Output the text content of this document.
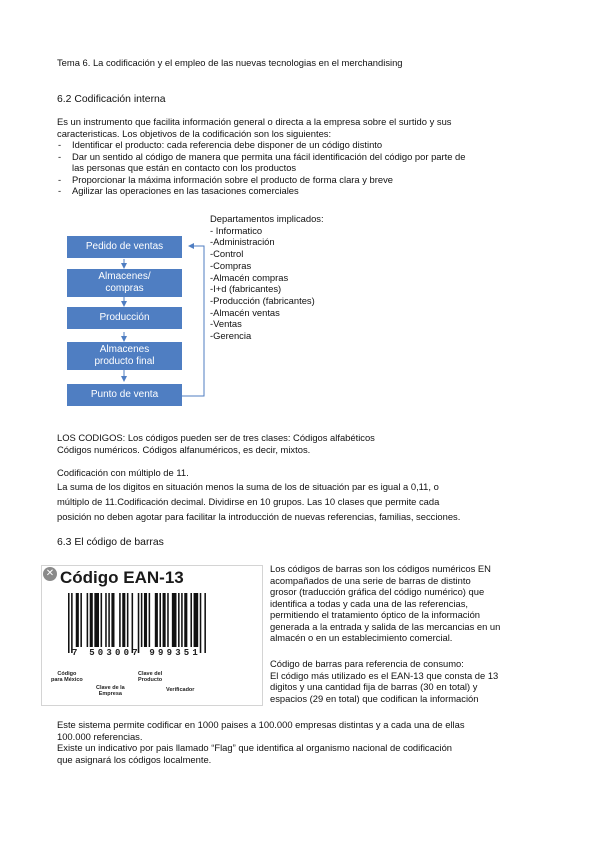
Tema 6. La codificación y el empleo de las nuevas tecnologias en el merchandising
6.2 Codificación interna
Es un instrumento que facilita información general o directa a la empresa sobre el surtido y sus
caracteristicas. Los objetivos de la codificación son los siguientes:
- Identificar el producto: cada referencia debe disponer de un código distinto
- Dar un sentido al código de manera que permita una fácil identificación del código por parte de
las personas que están en contacto con los productos
- Proporcionar la máxima información sobre el producto de forma clara y breve
- Agilizar las operaciones en las tasaciones comerciales
Pedido de ventas
Almacenes/
compras
Producción
Almacenes
producto final
Punto de venta
Departamentos implicados:
- Informatico
-Administración
-Control
-Compras
-Almacén compras
-I+d (fabricantes)
-Producción (fabricantes)
-Almacén ventas
-Ventas
-Gerencia
LOS CODIGOS: Los códigos pueden ser de tres clases: Códigos alfabéticos
Códigos numéricos. Códigos alfanuméricos, es decir, mixtos.
Codificación con múltiplo de 11.
La suma de los digitos en situación menos la suma de los de situación par es igual a 0,11, o
múltiplo de 11.Codificación decimal. Dividirse en 10 grupos. Las 10 clases que permite cada
posición no deben agotar para facilitar la introducción de nuevas referencias, familias, secciones.
6.3 El código de barras
✕ Código EAN-13
7 503007 999351
Código
para México
Clave del
Producto
Clave de la
Empresa
Verificador
Los códigos de barras son los códigos numéricos EN
acompañados de una serie de barras de distinto
grosor (traducción gráfica del código numérico) que
identifica a todas y cada una de las referencias,
permitiendo el tratamiento óptico de la información
generada a la entrada y salida de las mercancias en un
almacén o en un establecimiento comercial.
Código de barras para referencia de consumo:
El código más utilizado es el EAN-13 que consta de 13
digitos y una cantidad fija de barras (30 en total) y
espacios (29 en total) que codifican la información
Este sistema permite codificar en 1000 paises a 100.000 empresas distintas y a cada una de ellas
100.000 referencias.
Existe un indicativo por pais llamado “Flag” que identifica al organismo nacional de codificación
que asignará los códigos localmente.
